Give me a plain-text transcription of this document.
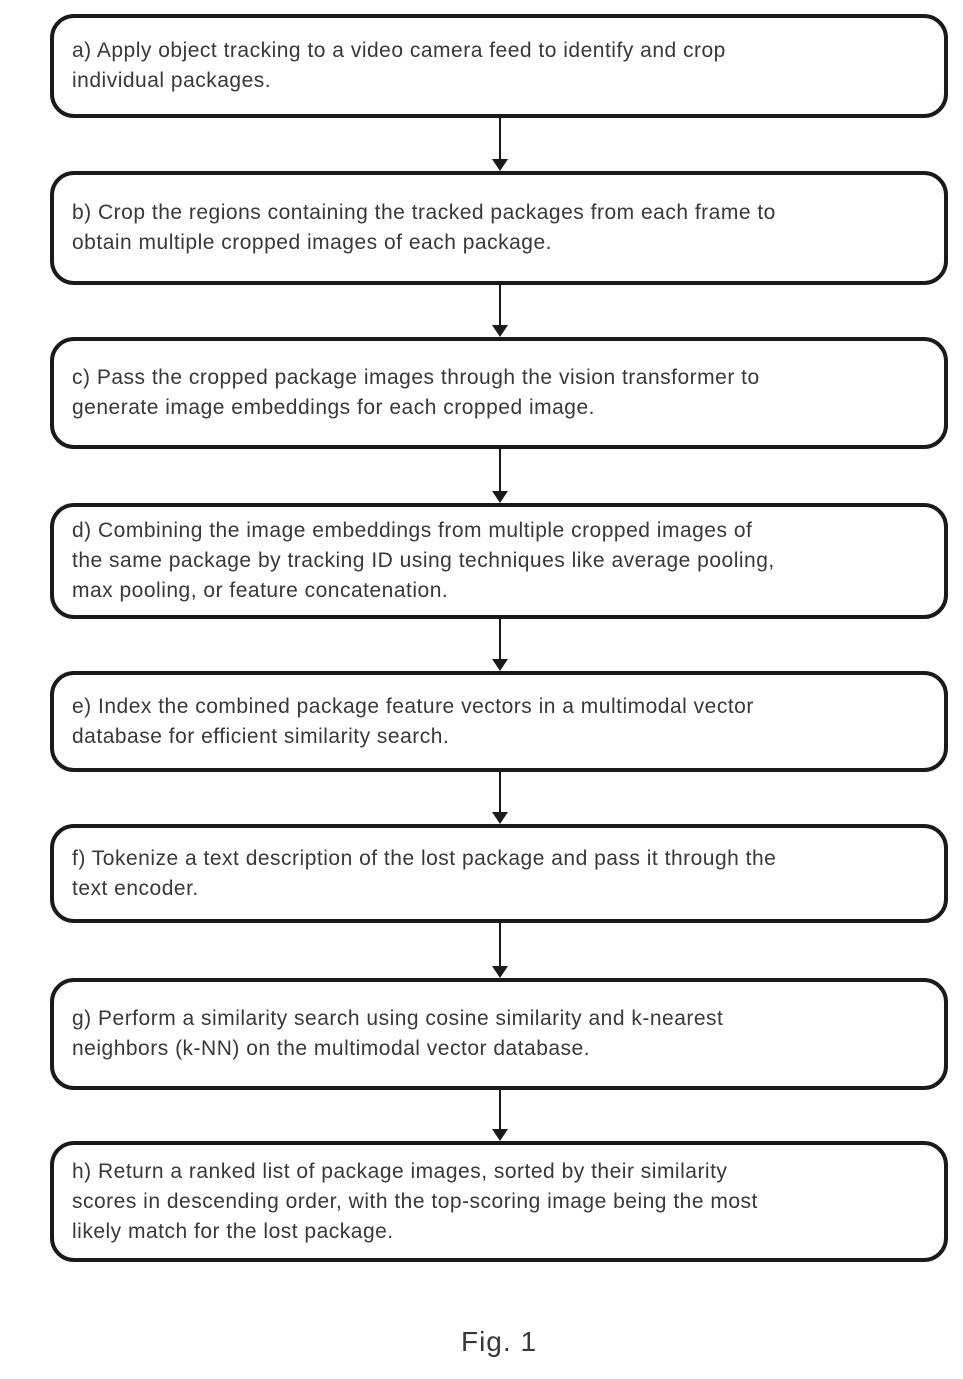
a) Apply object tracking to a video camera feed to identify and crop
individual packages.
b) Crop the regions containing the tracked packages from each frame to
obtain multiple cropped images of each package.
c) Pass the cropped package images through the vision transformer to
generate image embeddings for each cropped image.
d) Combining the image embeddings from multiple cropped images of
the same package by tracking ID using techniques like average pooling,
max pooling, or feature concatenation.
e) Index the combined package feature vectors in a multimodal vector
database for efficient similarity search.
f) Tokenize a text description of the lost package and pass it through the
text encoder.
g) Perform a similarity search using cosine similarity and k-nearest
neighbors (k-NN) on the multimodal vector database.
h) Return a ranked list of package images, sorted by their similarity
scores in descending order, with the top-scoring image being the most
likely match for the lost package.
Fig. 1
